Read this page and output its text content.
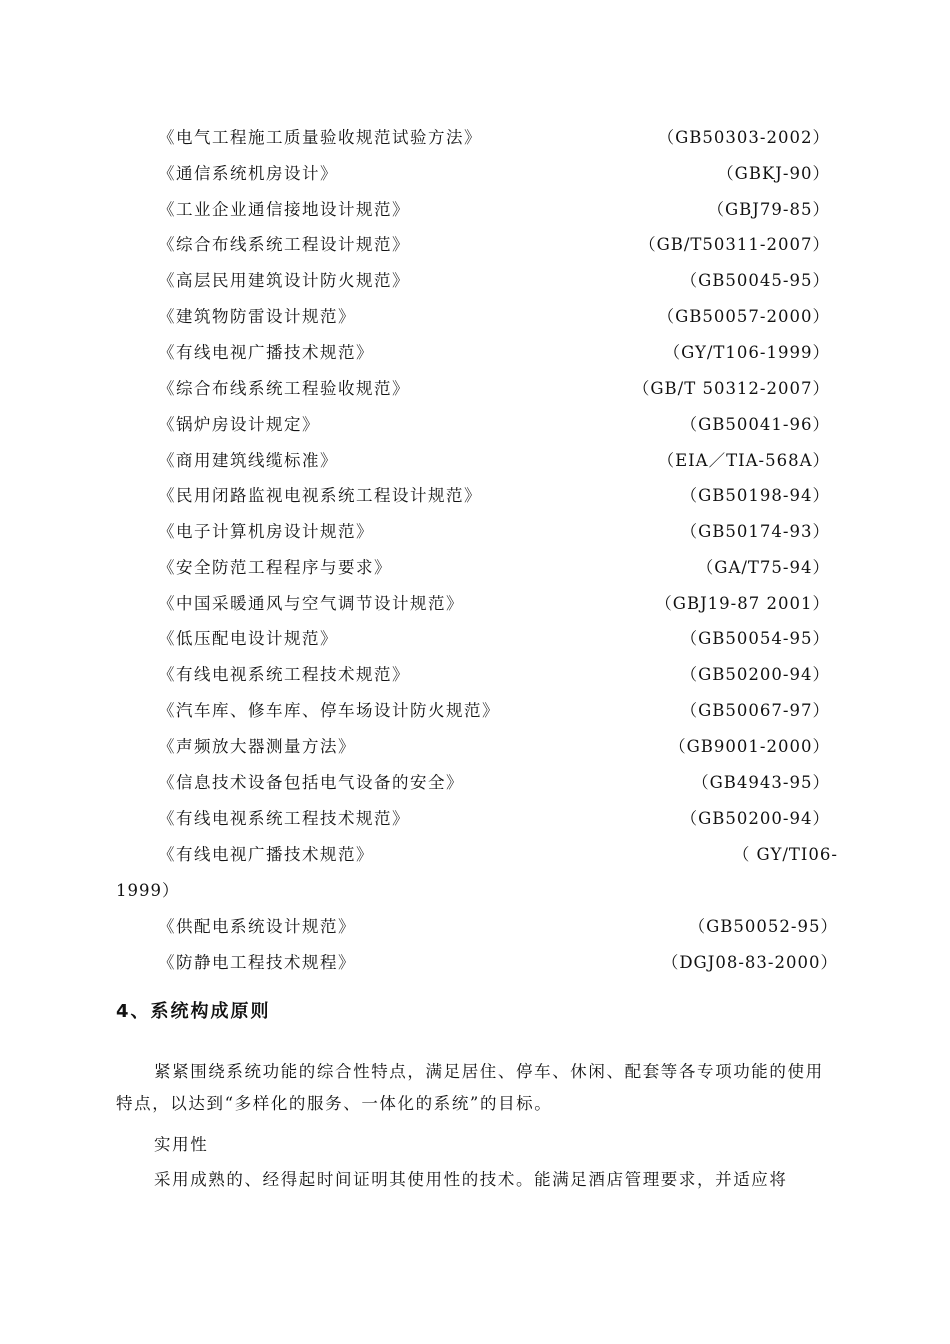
《电气工程施工质量验收规范试验方法》	（GB50303-2002）
《通信系统机房设计》	（GBKJ-90）
《工业企业通信接地设计规范》	（GBJ79-85）
《综合布线系统工程设计规范》	（GB/T50311-2007）
《高层民用建筑设计防火规范》	（GB50045-95）
《建筑物防雷设计规范》	（GB50057-2000）
《有线电视广播技术规范》	（GY/T106-1999）
《综合布线系统工程验收规范》	（GB/T 50312-2007）
《锅炉房设计规定》	（GB50041-96）
《商用建筑线缆标准》	（EIA／TIA-568A）
《民用闭路监视电视系统工程设计规范》	（GB50198-94）
《电子计算机房设计规范》	（GB50174-93）
《安全防范工程程序与要求》	（GA/T75-94）
《中国采暖通风与空气调节设计规范》	（GBJ19-87 2001）
《低压配电设计规范》	（GB50054-95）
《有线电视系统工程技术规范》	（GB50200-94）
《汽车库、修车库、停车场设计防火规范》	（GB50067-97）
《声频放大器测量方法》	（GB9001-2000）
《信息技术设备包括电气设备的安全》	（GB4943-95）
《有线电视系统工程技术规范》	（GB50200-94）
《有线电视广播技术规范》	（ GY/TI06-
1999）
《供配电系统设计规范》	（GB50052-95）
《防静电工程技术规程》	（DGJ08-83-2000）
4、系统构成原则
紧紧围绕系统功能的综合性特点，满足居住、停车、休闲、配套等各专项功能的使用特点，以达到“多样化的服务、一体化的系统”的目标。
实用性
采用成熟的、经得起时间证明其使用性的技术。能满足酒店管理要求，并适应将
